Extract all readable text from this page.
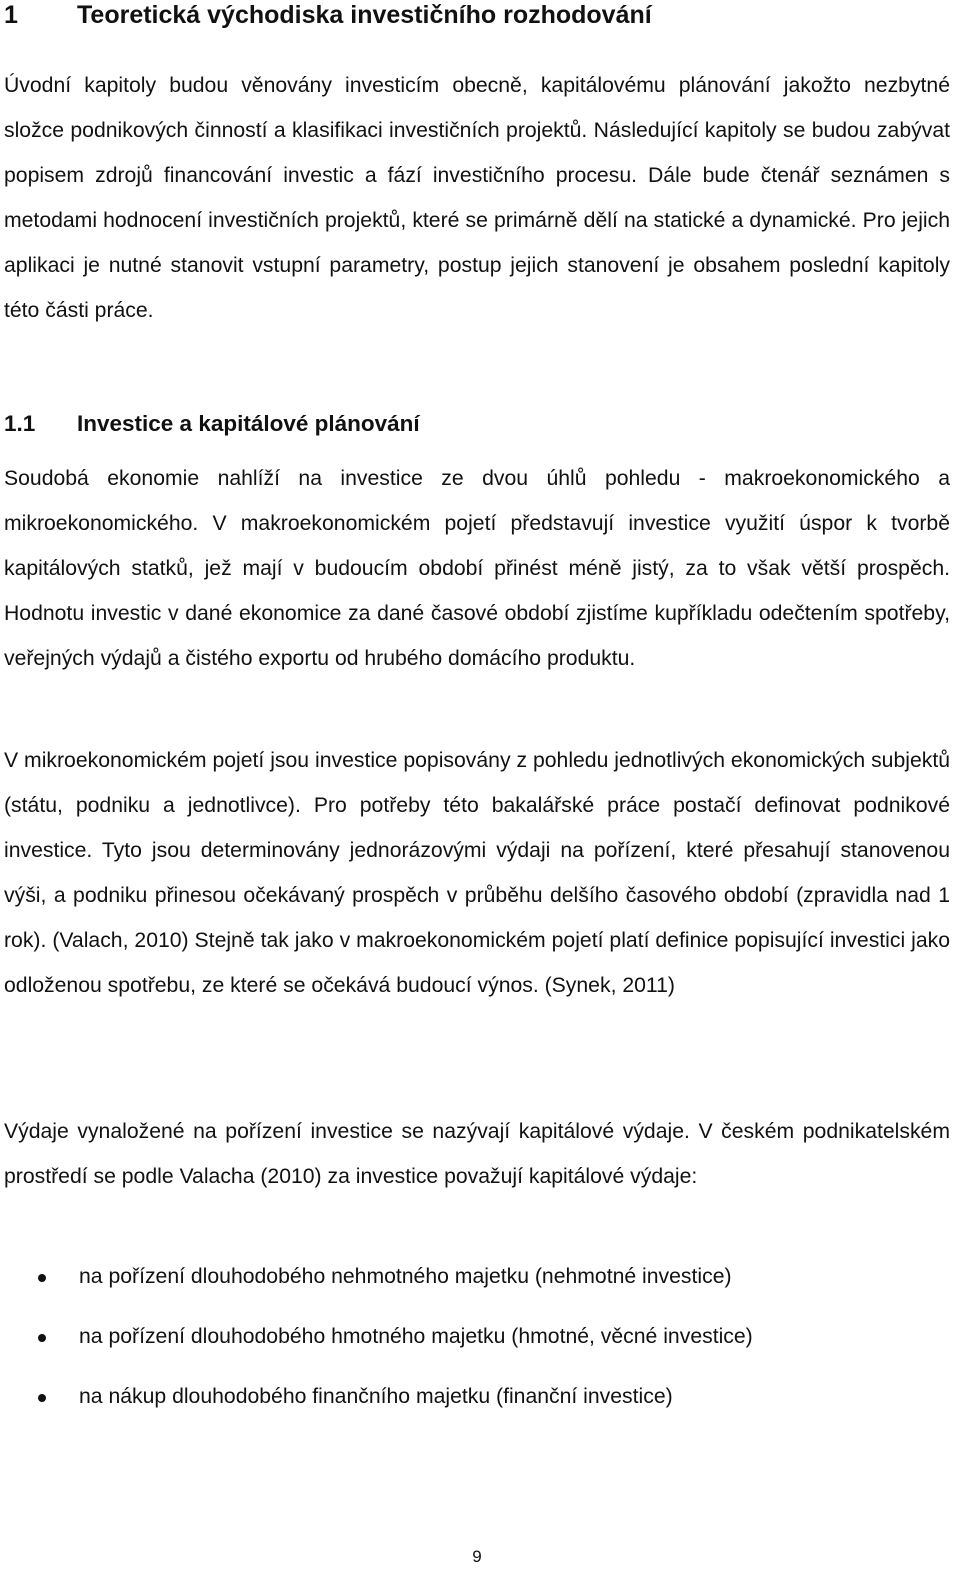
1 Teoretická východiska investičního rozhodování

Úvodní kapitoly budou věnovány investicím obecně, kapitálovému plánování jakožto nezbytné složce podnikových činností a klasifikaci investičních projektů. Následující kapitoly se budou zabývat popisem zdrojů financování investic a fází investičního procesu. Dále bude čtenář seznámen s metodami hodnocení investičních projektů, které se primárně dělí na statické a dynamické. Pro jejich aplikaci je nutné stanovit vstupní parametry, postup jejich stanovení je obsahem poslední kapitoly této části práce.

1.1 Investice a kapitálové plánování

Soudobá ekonomie nahlíží na investice ze dvou úhlů pohledu - makroekonomického a mikroekonomického. V makroekonomickém pojetí představují investice využití úspor k tvorbě kapitálových statků, jež mají v budoucím období přinést méně jistý, za to však větší prospěch. Hodnotu investic v dané ekonomice za dané časové období zjistíme kupříkladu odečtením spotřeby, veřejných výdajů a čistého exportu od hrubého domácího produktu.

V mikroekonomickém pojetí jsou investice popisovány z pohledu jednotlivých ekonomických subjektů (státu, podniku a jednotlivce). Pro potřeby této bakalářské práce postačí definovat podnikové investice. Tyto jsou determinovány jednorázovými výdaji na pořízení, které přesahují stanovenou výši, a podniku přinesou očekávaný prospěch v průběhu delšího časového období (zpravidla nad 1 rok). (Valach, 2010) Stejně tak jako v makroekonomickém pojetí platí definice popisující investici jako odloženou spotřebu, ze které se očekává budoucí výnos. (Synek, 2011)

Výdaje vynaložené na pořízení investice se nazývají kapitálové výdaje. V českém podnikatelském prostředí se podle Valacha (2010) za investice považují kapitálové výdaje:

na pořízení dlouhodobého nehmotného majetku (nehmotné investice)
na pořízení dlouhodobého hmotného majetku (hmotné, věcné investice)
na nákup dlouhodobého finančního majetku (finanční investice)
9
